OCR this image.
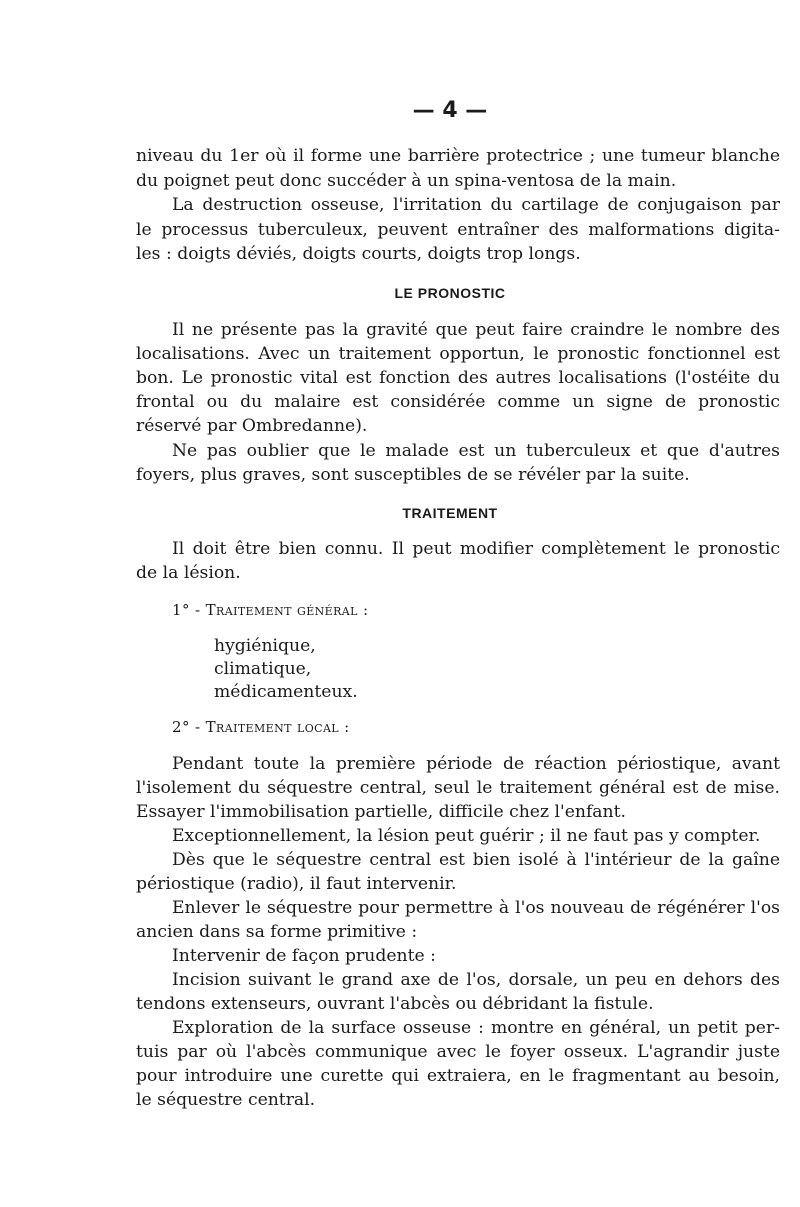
— 4 —
niveau du 1er où il forme une barrière protectrice ; une tumeur blanche
du poignet peut donc succéder à un spina-ventosa de la main.
La destruction osseuse, l'irritation du cartilage de conjugaison par
le processus tuberculeux, peuvent entraîner des malformations digita-
les : doigts déviés, doigts courts, doigts trop longs.
LE PRONOSTIC
Il ne présente pas la gravité que peut faire craindre le nombre des
localisations. Avec un traitement opportun, le pronostic fonctionnel est
bon. Le pronostic vital est fonction des autres localisations (l'ostéite du
frontal ou du malaire est considérée comme un signe de pronostic
réservé par Ombredanne).
Ne pas oublier que le malade est un tuberculeux et que d'autres
foyers, plus graves, sont susceptibles de se révéler par la suite.
TRAITEMENT
Il doit être bien connu. Il peut modifier complètement le pronostic
de la lésion.
1° - Traitement général :
hygiénique,
climatique,
médicamenteux.
2° - Traitement local :
Pendant toute la première période de réaction périostique, avant
l'isolement du séquestre central, seul le traitement général est de mise.
Essayer l'immobilisation partielle, difficile chez l'enfant.
Exceptionnellement, la lésion peut guérir ; il ne faut pas y compter.
Dès que le séquestre central est bien isolé à l'intérieur de la gaîne
périostique (radio), il faut intervenir.
Enlever le séquestre pour permettre à l'os nouveau de régénérer l'os
ancien dans sa forme primitive :
Intervenir de façon prudente :
Incision suivant le grand axe de l'os, dorsale, un peu en dehors des
tendons extenseurs, ouvrant l'abcès ou débridant la fistule.
Exploration de la surface osseuse : montre en général, un petit per-
tuis par où l'abcès communique avec le foyer osseux. L'agrandir juste
pour introduire une curette qui extraiera, en le fragmentant au besoin,
le séquestre central.
